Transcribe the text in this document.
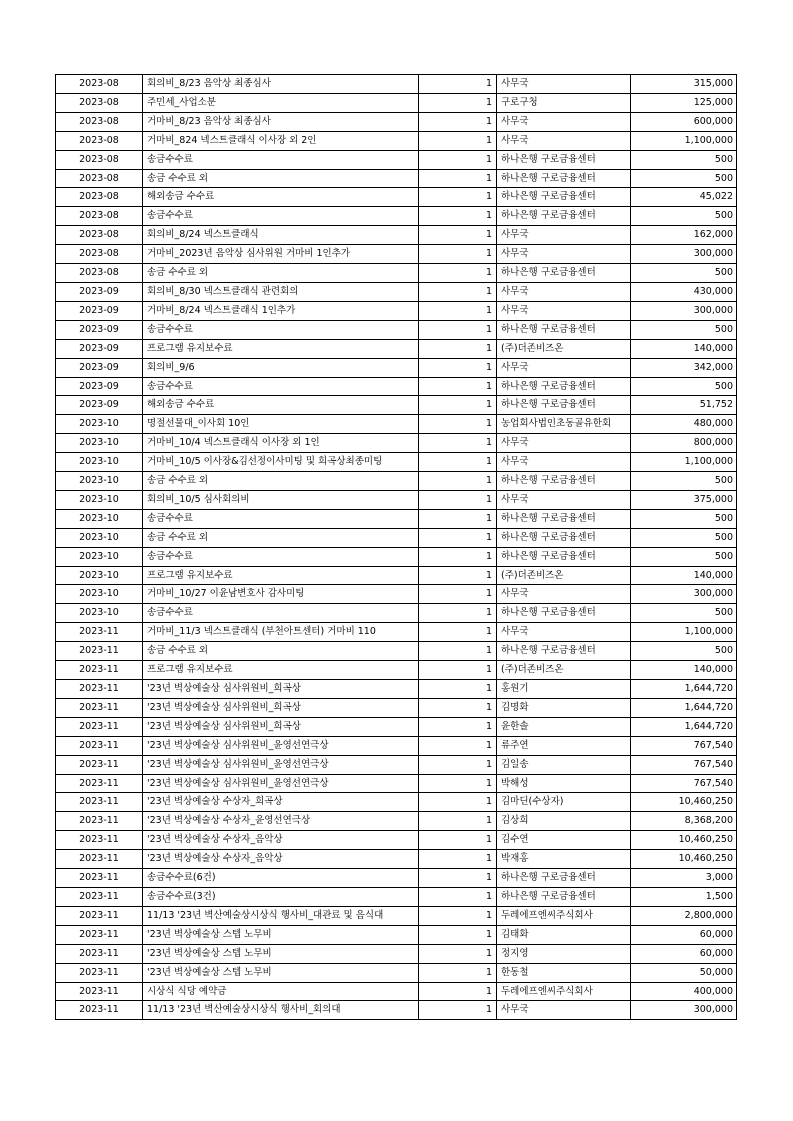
2023-08	회의비_8/23 음악상 최종심사	1	사무국	315,000
2023-08	주민세_사업소분	1	구로구청	125,000
2023-08	거마비_8/23 음악상 최종심사	1	사무국	600,000
2023-08	거마비_824 넥스트클래식 이사장 외 2인	1	사무국	1,100,000
2023-08	송금수수료	1	하나은행 구로금융센터	500
2023-08	송금 수수료 외	1	하나은행 구로금융센터	500
2023-08	해외송금 수수료	1	하나은행 구로금융센터	45,022
2023-08	송금수수료	1	하나은행 구로금융센터	500
2023-08	회의비_8/24 넥스트클래식	1	사무국	162,000
2023-08	거마비_2023년 음악상 심사위원 거마비 1인추가	1	사무국	300,000
2023-08	송금 수수료 외	1	하나은행 구로금융센터	500
2023-09	회의비_8/30 넥스트클래식 관련회의	1	사무국	430,000
2023-09	거마비_8/24 넥스트클래식 1인추가	1	사무국	300,000
2023-09	송금수수료	1	하나은행 구로금융센터	500
2023-09	프로그램 유지보수료	1	(주)더존비즈온	140,000
2023-09	회의비_9/6	1	사무국	342,000
2023-09	송금수수료	1	하나은행 구로금융센터	500
2023-09	해외송금 수수료	1	하나은행 구로금융센터	51,752
2023-10	명절선물대_이사회 10인	1	농업회사법인초동골유한회	480,000
2023-10	거마비_10/4 넥스트클래식 이사장 외 1인	1	사무국	800,000
2023-10	거마비_10/5 이사장&김선정이사미팅 및 희곡상최종미팅	1	사무국	1,100,000
2023-10	송금 수수료 외	1	하나은행 구로금융센터	500
2023-10	회의비_10/5 심사회의비	1	사무국	375,000
2023-10	송금수수료	1	하나은행 구로금융센터	500
2023-10	송금 수수료 외	1	하나은행 구로금융센터	500
2023-10	송금수수료	1	하나은행 구로금융센터	500
2023-10	프로그램 유지보수료	1	(주)더존비즈온	140,000
2023-10	거마비_10/27 이윤남변호사 감사미팅	1	사무국	300,000
2023-10	송금수수료	1	하나은행 구로금융센터	500
2023-11	거마비_11/3 넥스트클래식 (부천아트센터) 거마비 110	1	사무국	1,100,000
2023-11	송금 수수료 외	1	하나은행 구로금융센터	500
2023-11	프로그램 유지보수료	1	(주)더존비즈온	140,000
2023-11	'23년 벽상예술상 심사위원비_희곡상	1	홍원기	1,644,720
2023-11	'23년 벽상예술상 심사위원비_희곡상	1	김명화	1,644,720
2023-11	'23년 벽상예술상 심사위원비_희곡상	1	윤한솔	1,644,720
2023-11	'23년 벽상예술상 심사위원비_윤영선연극상	1	류주연	767,540
2023-11	'23년 벽상예술상 심사위원비_윤영선연극상	1	김일송	767,540
2023-11	'23년 벽상예술상 심사위원비_윤영선연극상	1	박해성	767,540
2023-11	'23년 벽상예술상 수상자_희곡상	1	김마딘(수상자)	10,460,250
2023-11	'23년 벽상예술상 수상자_윤영선연극상	1	김상희	8,368,200
2023-11	'23년 벽상예술상 수상자_음악상	1	김수연	10,460,250
2023-11	'23년 벽상예술상 수상자_음악상	1	박재홍	10,460,250
2023-11	송금수수료(6건)	1	하나은행 구로금융센터	3,000
2023-11	송금수수료(3건)	1	하나은행 구로금융센터	1,500
2023-11	11/13 '23년 벽산예술상시상식 행사비_대관료 및 음식대	1	두레에프엔씨주식회사	2,800,000
2023-11	'23년 벽상예술상 스텝 노무비	1	김태화	60,000
2023-11	'23년 벽상예술상 스텝 노무비	1	정지영	60,000
2023-11	'23년 벽상예술상 스텝 노무비	1	한동철	50,000
2023-11	시상식 식당 예약금	1	두레에프엔씨주식회사	400,000
2023-11	11/13 '23년 벽산예술상시상식 행사비_회의대	1	사무국	300,000
